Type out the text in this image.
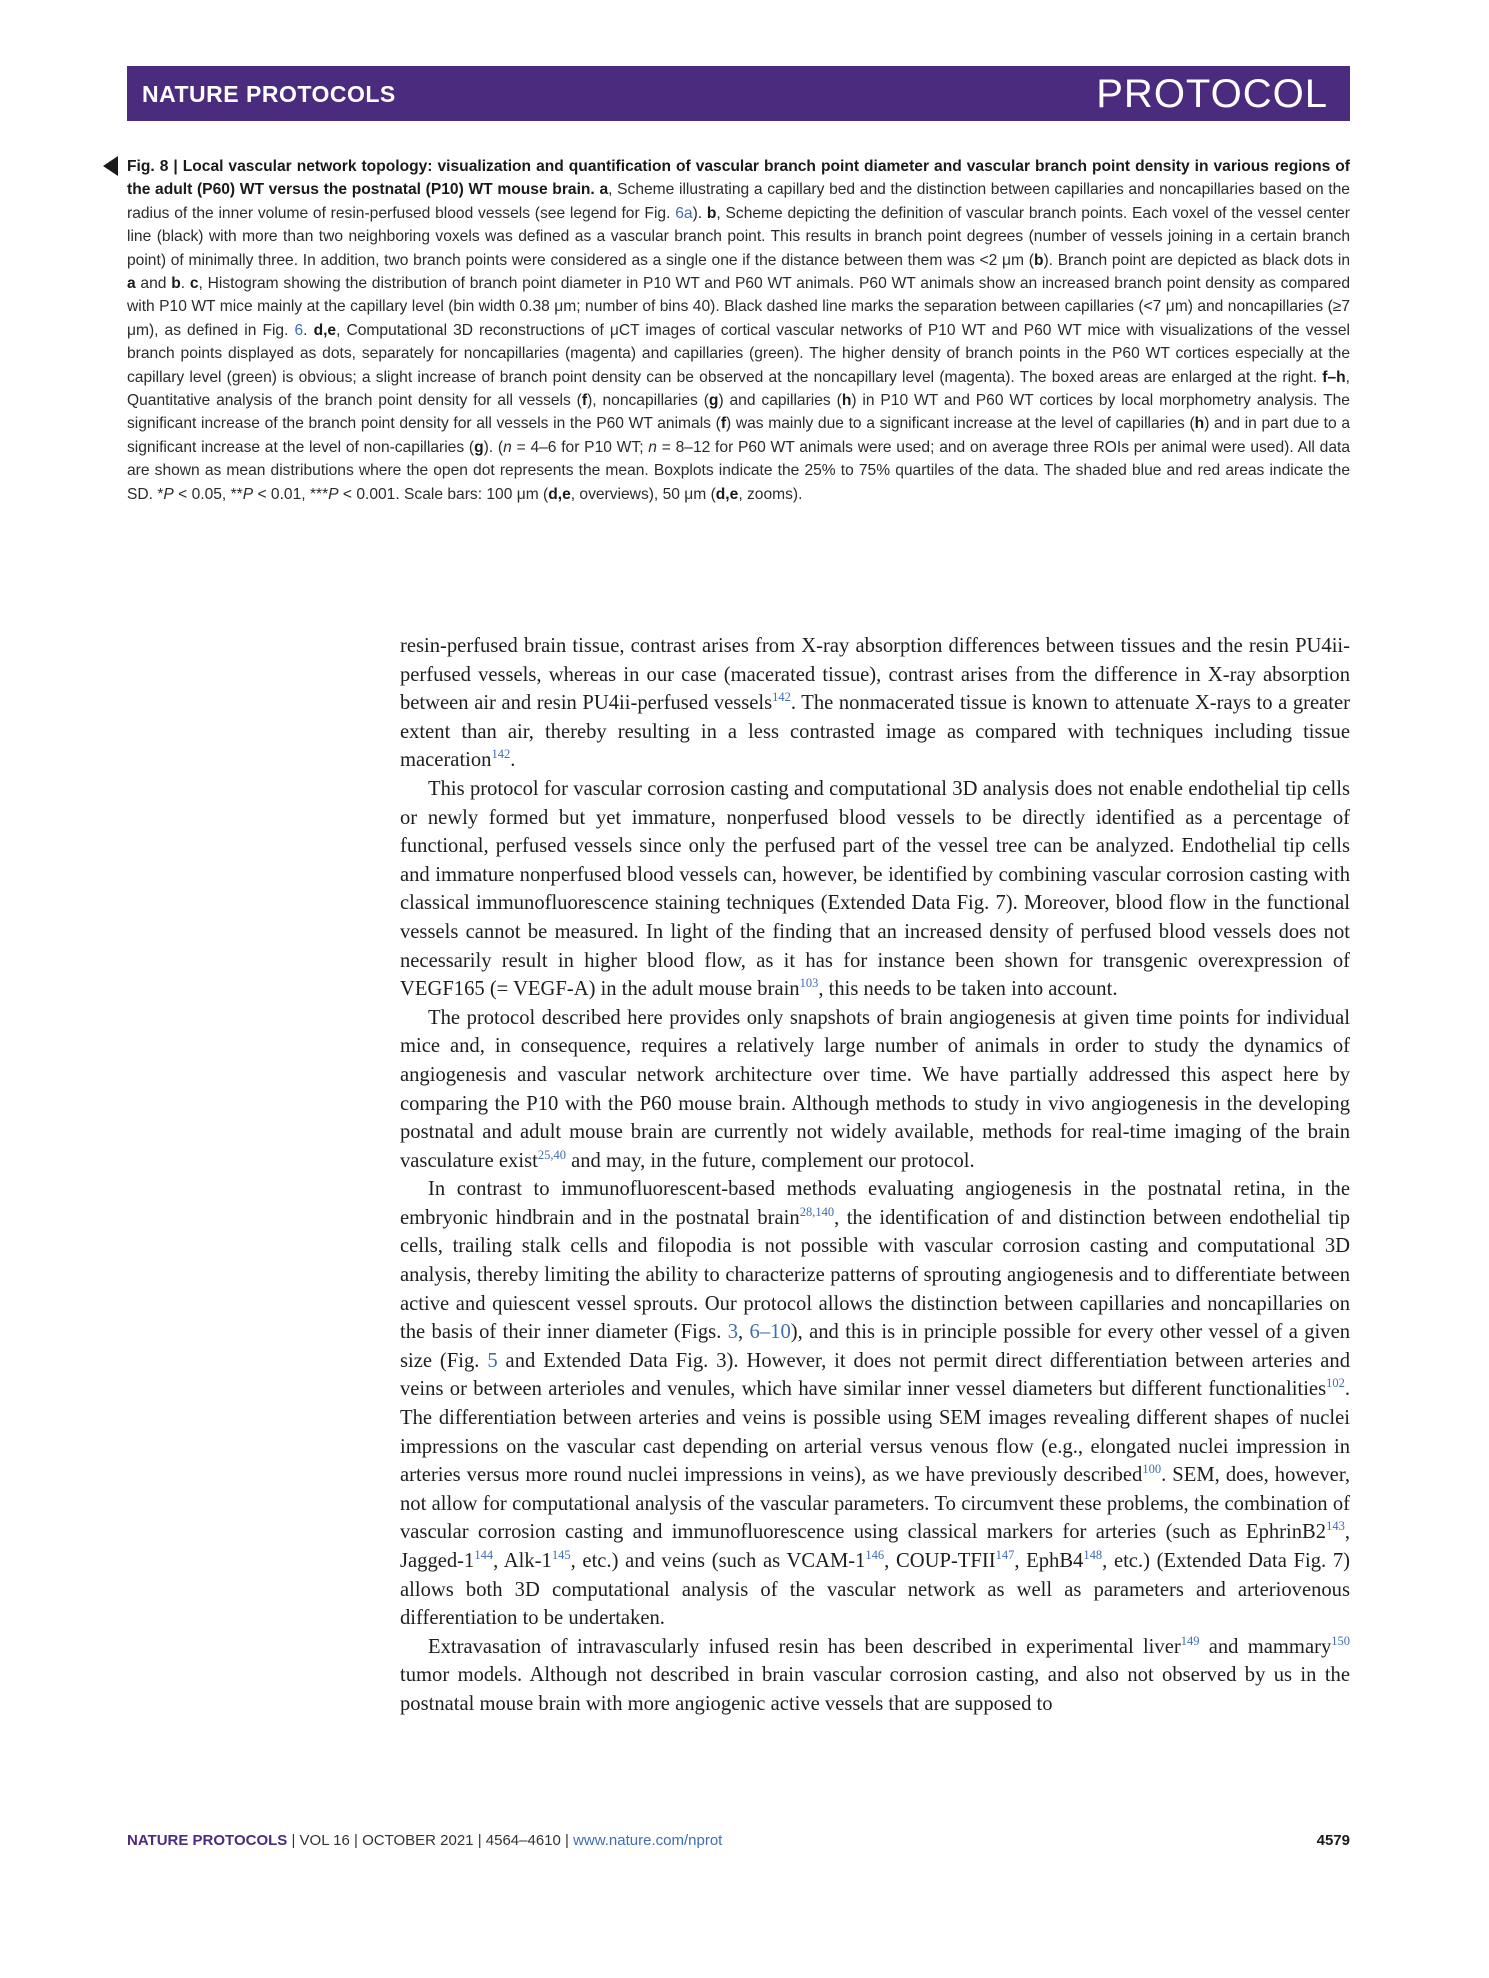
NATURE PROTOCOLS	PROTOCOL
Fig. 8 | Local vascular network topology: visualization and quantification of vascular branch point diameter and vascular branch point density in various regions of the adult (P60) WT versus the postnatal (P10) WT mouse brain. a, Scheme illustrating a capillary bed and the distinction between capillaries and noncapillaries based on the radius of the inner volume of resin-perfused blood vessels (see legend for Fig. 6a). b, Scheme depicting the definition of vascular branch points. Each voxel of the vessel center line (black) with more than two neighboring voxels was defined as a vascular branch point. This results in branch point degrees (number of vessels joining in a certain branch point) of minimally three. In addition, two branch points were considered as a single one if the distance between them was <2 μm (b). Branch point are depicted as black dots in a and b. c, Histogram showing the distribution of branch point diameter in P10 WT and P60 WT animals. P60 WT animals show an increased branch point density as compared with P10 WT mice mainly at the capillary level (bin width 0.38 μm; number of bins 40). Black dashed line marks the separation between capillaries (<7 μm) and noncapillaries (≥7 μm), as defined in Fig. 6. d,e, Computational 3D reconstructions of μCT images of cortical vascular networks of P10 WT and P60 WT mice with visualizations of the vessel branch points displayed as dots, separately for noncapillaries (magenta) and capillaries (green). The higher density of branch points in the P60 WT cortices especially at the capillary level (green) is obvious; a slight increase of branch point density can be observed at the noncapillary level (magenta). The boxed areas are enlarged at the right. f–h, Quantitative analysis of the branch point density for all vessels (f), noncapillaries (g) and capillaries (h) in P10 WT and P60 WT cortices by local morphometry analysis. The significant increase of the branch point density for all vessels in the P60 WT animals (f) was mainly due to a significant increase at the level of capillaries (h) and in part due to a significant increase at the level of non-capillaries (g). (n = 4–6 for P10 WT; n = 8–12 for P60 WT animals were used; and on average three ROIs per animal were used). All data are shown as mean distributions where the open dot represents the mean. Boxplots indicate the 25% to 75% quartiles of the data. The shaded blue and red areas indicate the SD. *P < 0.05, **P < 0.01, ***P < 0.001. Scale bars: 100 μm (d,e, overviews), 50 μm (d,e, zooms).

resin-perfused brain tissue, contrast arises from X-ray absorption differences between tissues and the resin PU4ii-perfused vessels, whereas in our case (macerated tissue), contrast arises from the difference in X-ray absorption between air and resin PU4ii-perfused vessels$^{142}$. The nonmacerated tissue is known to attenuate X-rays to a greater extent than air, thereby resulting in a less contrasted image as compared with techniques including tissue maceration$^{142}$.

This protocol for vascular corrosion casting and computational 3D analysis does not enable endothelial tip cells or newly formed but yet immature, nonperfused blood vessels to be directly identified as a percentage of functional, perfused vessels since only the perfused part of the vessel tree can be analyzed. Endothelial tip cells and immature nonperfused blood vessels can, however, be identified by combining vascular corrosion casting with classical immunofluorescence staining techniques (Extended Data Fig. 7). Moreover, blood flow in the functional vessels cannot be measured. In light of the finding that an increased density of perfused blood vessels does not necessarily result in higher blood flow, as it has for instance been shown for transgenic overexpression of VEGF165 (= VEGF-A) in the adult mouse brain$^{103}$, this needs to be taken into account.

The protocol described here provides only snapshots of brain angiogenesis at given time points for individual mice and, in consequence, requires a relatively large number of animals in order to study the dynamics of angiogenesis and vascular network architecture over time. We have partially addressed this aspect here by comparing the P10 with the P60 mouse brain. Although methods to study in vivo angiogenesis in the developing postnatal and adult mouse brain are currently not widely available, methods for real-time imaging of the brain vasculature exist$^{25,40}$ and may, in the future, complement our protocol.

In contrast to immunofluorescent-based methods evaluating angiogenesis in the postnatal retina, in the embryonic hindbrain and in the postnatal brain$^{28,140}$, the identification of and distinction between endothelial tip cells, trailing stalk cells and filopodia is not possible with vascular corrosion casting and computational 3D analysis, thereby limiting the ability to characterize patterns of sprouting angiogenesis and to differentiate between active and quiescent vessel sprouts. Our protocol allows the distinction between capillaries and noncapillaries on the basis of their inner diameter (Figs. 3, 6–10), and this is in principle possible for every other vessel of a given size (Fig. 5 and Extended Data Fig. 3). However, it does not permit direct differentiation between arteries and veins or between arterioles and venules, which have similar inner vessel diameters but different functionalities$^{102}$. The differentiation between arteries and veins is possible using SEM images revealing different shapes of nuclei impressions on the vascular cast depending on arterial versus venous flow (e.g., elongated nuclei impression in arteries versus more round nuclei impressions in veins), as we have previously described$^{100}$. SEM, does, however, not allow for computational analysis of the vascular parameters. To circumvent these problems, the combination of vascular corrosion casting and immunofluorescence using classical markers for arteries (such as $EphrinB2^{143}$, Jagged-$1^{144}$, Alk-$1^{145}$, etc.) and veins (such as VCAM-$1^{146}$, COUP-TFII$^{147}$, $EphB4^{148}$, etc.) (Extended Data Fig. 7) allows both 3D computational analysis of the vascular network as well as parameters and arteriovenous differentiation to be undertaken.

Extravasation of intravascularly infused resin has been described in experimental liver$^{149}$ and mammary$^{150}$ tumor models. Although not described in brain vascular corrosion casting, and also not observed by us in the postnatal mouse brain with more angiogenic active vessels that are supposed to

NATURE PROTOCOLS | VOL 16 | OCTOBER 2021 | 4564–4610 | www.nature.com/nprot	4579
